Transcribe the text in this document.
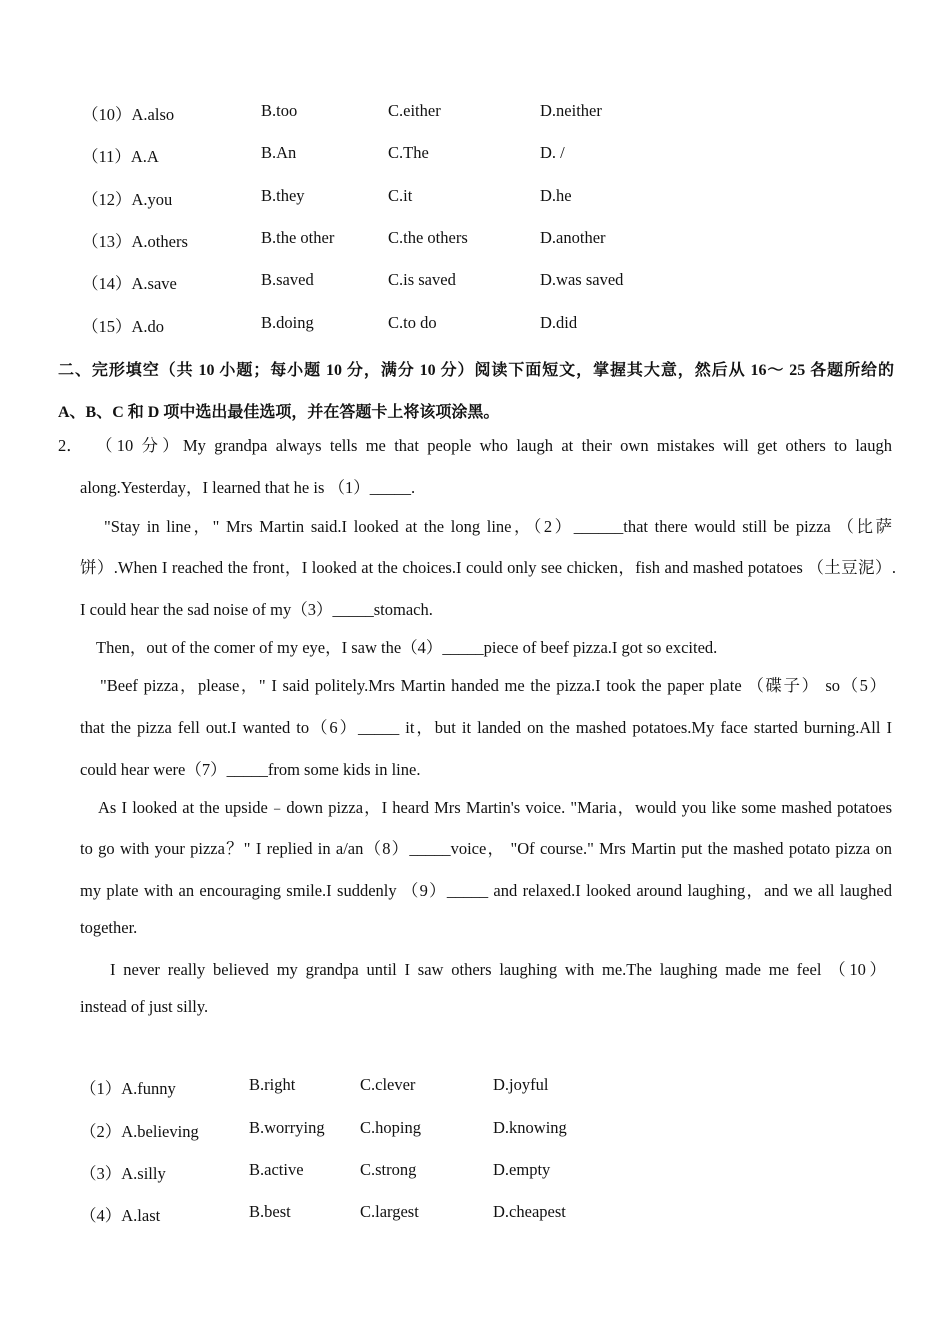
（10）A.also	B.too	C.either	D.neither
（11）A.A	B.An	C.The	D. /
（12）A.you	B.they	C.it	D.he
（13）A.others	B.the other	C.the others	D.another
（14）A.save	B.saved	C.is saved	D.was saved
（15）A.do	B.doing	C.to do	D.did
二、完形填空（共 10 小题；每小题 10 分，满分 10 分）阅读下面短文，掌握其大意，然后从 16～ 25 各题所给的
A、B、C 和 D 项中选出最佳选项，并在答题卡上将该项涂黑。
2． （10 分）My grandpa always tells me that people who laugh at their own mistakes will get others to laugh
along.Yesterday，I learned that he is （1）_____.
"Stay in line，" Mrs Martin said.I looked at the long line，（2）______that there would still be pizza （比萨
饼）.When I reached the front，I looked at the choices.I could only see chicken，fish and mashed potatoes （土豆泥）.
I could hear the sad noise of my（3）_____stomach.
Then，out of the comer of my eye，I saw the（4）_____piece of beef pizza.I got so excited.
"Beef pizza，please，" I said politely.Mrs Martin handed me the pizza.I took the paper plate （碟子） so（5）
that the pizza fell out.I wanted to（6）_____ it，but it landed on the mashed potatoes.My face started burning.All I
could hear were（7）_____from some kids in line.
As I looked at the upside﹣down pizza，I heard Mrs Martin's voice. "Maria，would you like some mashed potatoes
to go with your pizza？" I replied in a/an（8）_____voice， "Of course." Mrs Martin put the mashed potato pizza on
my plate with an encouraging smile.I suddenly （9）_____ and relaxed.I looked around laughing，and we all laughed
together.
I never really believed my grandpa until I saw others laughing with me.The laughing made me feel （10）
instead of just silly.
（1）A.funny	B.right	C.clever	D.joyful
（2）A.believing	B.worrying C.hoping	D.knowing
（3）A.silly	B.active	C.strong	D.empty
（4）A.last	B.best	C.largest	D.cheapest
